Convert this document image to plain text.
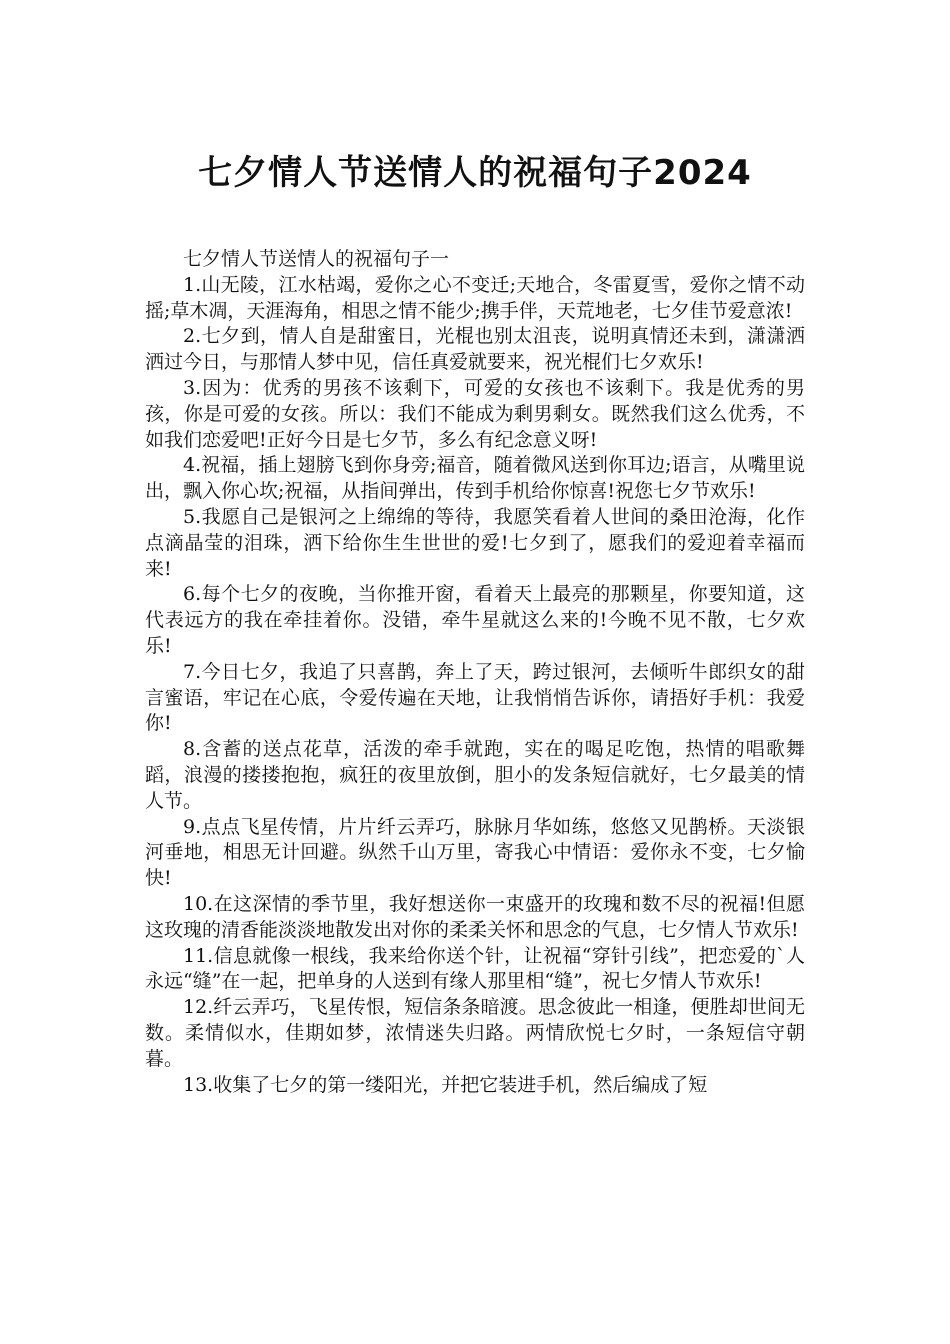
七夕情人节送情人的祝福句子2024

七夕情人节送情人的祝福句子一

1.山无陵，江水枯竭，爱你之心不变迁;天地合，冬雷夏雪，爱你之情不动摇;草木凋，天涯海角，相思之情不能少;携手伴，天荒地老，七夕佳节爱意浓!

2.七夕到，情人自是甜蜜日，光棍也别太沮丧，说明真情还未到，潇潇洒洒过今日，与那情人梦中见，信任真爱就要来，祝光棍们七夕欢乐!

3.因为：优秀的男孩不该剩下，可爱的女孩也不该剩下。我是优秀的男孩，你是可爱的女孩。所以：我们不能成为剩男剩女。既然我们这么优秀，不如我们恋爱吧!正好今日是七夕节，多么有纪念意义呀!

4.祝福，插上翅膀飞到你身旁;福音，随着微风送到你耳边;语言，从嘴里说出，飘入你心坎;祝福，从指间弹出，传到手机给你惊喜!祝您七夕节欢乐!

5.我愿自己是银河之上绵绵的等待，我愿笑看着人世间的桑田沧海，化作点滴晶莹的泪珠，洒下给你生生世世的爱!七夕到了，愿我们的爱迎着幸福而来!

6.每个七夕的夜晚，当你推开窗，看着天上最亮的那颗星，你要知道，这代表远方的我在牵挂着你。没错，牵牛星就这么来的!今晚不见不散，七夕欢乐!

7.今日七夕，我追了只喜鹊，奔上了天，跨过银河，去倾听牛郎织女的甜言蜜语，牢记在心底，令爱传遍在天地，让我悄悄告诉你，请捂好手机：我爱你!

8.含蓄的送点花草，活泼的牵手就跑，实在的喝足吃饱，热情的唱歌舞蹈，浪漫的搂搂抱抱，疯狂的夜里放倒，胆小的发条短信就好，七夕最美的情人节。

9.点点飞星传情，片片纤云弄巧，脉脉月华如练，悠悠又见鹊桥。天淡银河垂地，相思无计回避。纵然千山万里，寄我心中情语：爱你永不变，七夕愉快!

10.在这深情的季节里，我好想送你一束盛开的玫瑰和数不尽的祝福!但愿这玫瑰的清香能淡淡地散发出对你的柔柔关怀和思念的气息，七夕情人节欢乐!

11.信息就像一根线，我来给你送个针，让祝福“穿针引线”，把恋爱的`人永远“缝”在一起，把单身的人送到有缘人那里相“缝”，祝七夕情人节欢乐!

12.纤云弄巧，飞星传恨，短信条条暗渡。思念彼此一相逢，便胜却世间无数。柔情似水，佳期如梦，浓情迷失归路。两情欣悦七夕时，一条短信守朝暮。

13.收集了七夕的第一缕阳光，并把它装进手机，然后编成了短
